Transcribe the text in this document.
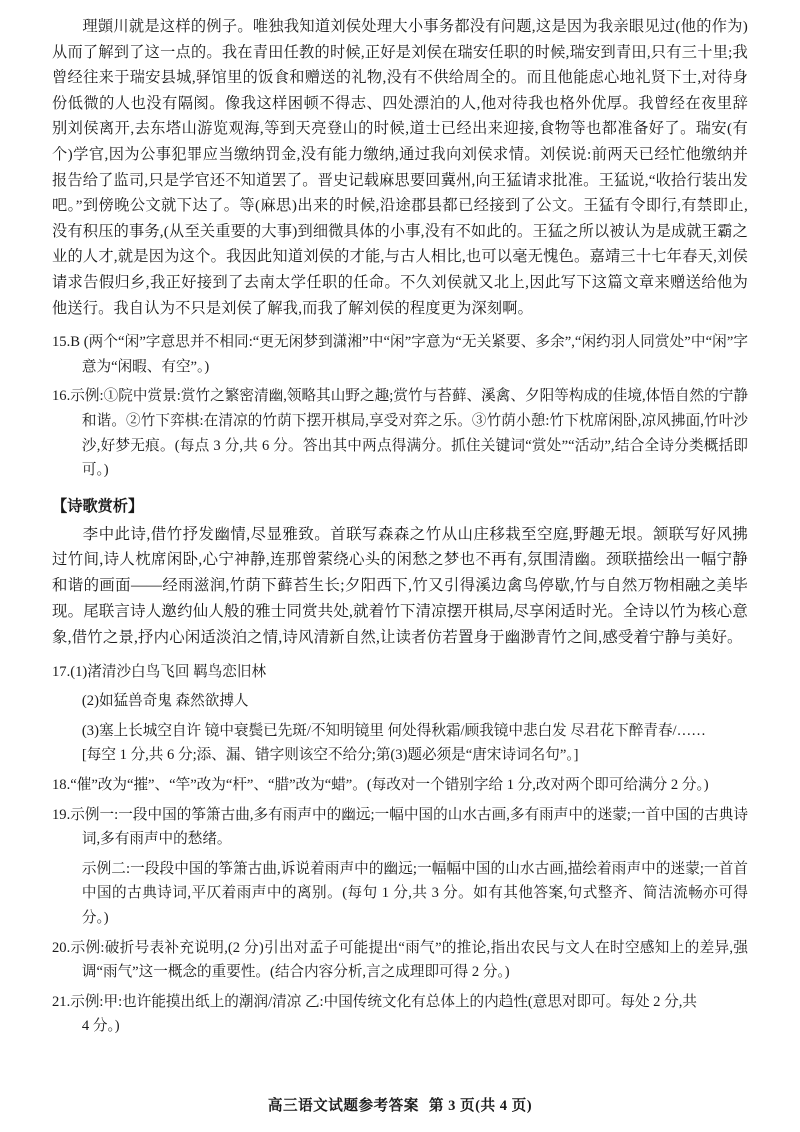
理顗川就是这样的例子。唯独我知道刘侯处理大小事务都没有问题,这是因为我亲眼见过(他的作为)从而了解到了这一点的。我在青田任教的时候,正好是刘侯在瑞安任职的时候,瑞安到青田,只有三十里;我曾经往来于瑞安县城,驿馆里的饭食和赠送的礼物,没有不供给周全的。而且他能虑心地礼贤下士,对待身份低微的人也没有隔阂。像我这样困顿不得志、四处漂泊的人,他对待我也格外优厚。我曾经在夜里辞别刘侯离开,去东塔山游览观海,等到天亮登山的时候,道士已经出来迎接,食物等也都准备好了。瑞安(有个)学官,因为公事犯罪应当缴纳罚金,没有能力缴纳,通过我向刘侯求情。刘侯说:前两天已经忙他缴纳并报告给了监司,只是学官还不知道罢了。晋史记载麻思要回冀州,向王猛请求批准。王猛说,“收拾行装出发吧。”到傍晚公文就下达了。等(麻思)出来的时候,沿途郡县都已经接到了公文。王猛有令即行,有禁即止,没有积压的事务,(从至关重要的大事)到细微具体的小事,没有不如此的。王猛之所以被认为是成就王霸之业的人才,就是因为这个。我因此知道刘侯的才能,与古人相比,也可以毫无愧色。嘉靖三十七年春天,刘侯请求告假归乡,我正好接到了去南太学任职的任命。不久刘侯就又北上,因此写下这篇文章来赠送给他为他送行。我自认为不只是刘侯了解我,而我了解刘侯的程度更为深刻啊。

15.B (两个“闲”字意思并不相同:“更无闲梦到潇湘”中“闲”字意为“无关紧要、多余”,“闲约羽人同赏处”中“闲”字意为“闲暇、有空”。)

16.示例:①院中赏景:赏竹之繁密清幽,领略其山野之趣;赏竹与苔藓、溪禽、夕阳等构成的佳境,体悟自然的宁静和谐。②竹下弈棋:在清凉的竹荫下摆开棋局,享受对弈之乐。③竹荫小憩:竹下枕席闲卧,凉风拂面,竹叶沙沙,好梦无痕。(每点 3 分,共 6 分。答出其中两点得满分。抓住关键词“赏处”“活动”,结合全诗分类概括即可。)

【诗歌赏析】

李中此诗,借竹抒发幽情,尽显雅致。首联写森森之竹从山庄移栽至空庭,野趣无垠。颔联写好风拂过竹间,诗人枕席闲卧,心宁神静,连那曾萦绕心头的闲愁之梦也不再有,氛围清幽。颈联描绘出一幅宁静和谐的画面——经雨滋润,竹荫下藓苔生长;夕阳西下,竹又引得溪边禽鸟停歇,竹与自然万物相融之美毕现。尾联言诗人邀约仙人般的雅士同赏共处,就着竹下清凉摆开棋局,尽享闲适时光。全诗以竹为核心意象,借竹之景,抒内心闲适淡泊之情,诗风清新自然,让读者仿若置身于幽渺青竹之间,感受着宁静与美好。

17.(1)渚清沙白鸟飞回 羁鸟恋旧林

(2)如猛兽奇鬼 森然欲搏人

(3)塞上长城空自许 镜中衰鬓已先斑/不知明镜里 何处得秋霜/顾我镜中悲白发 尽君花下醉青春/……

[每空 1 分,共 6 分;添、漏、错字则该空不给分;第(3)题必须是“唐宋诗词名句”。]

18.“催”改为“摧”、“竿”改为“杆”、“腊”改为“蜡”。(每改对一个错别字给 1 分,改对两个即可给满分 2 分。)

19.示例一:一段中国的筝箫古曲,多有雨声中的幽远;一幅中国的山水古画,多有雨声中的迷蒙;一首中国的古典诗词,多有雨声中的愁绪。

示例二:一段段中国的筝箫古曲,诉说着雨声中的幽远;一幅幅中国的山水古画,描绘着雨声中的迷蒙;一首首中国的古典诗词,平仄着雨声中的离别。(每句 1 分,共 3 分。如有其他答案,句式整齐、简洁流畅亦可得分。)

20.示例:破折号表补充说明,(2 分)引出对孟子可能提出“雨气”的推论,指出农民与文人在时空感知上的差异,强调“雨气”这一概念的重要性。(结合内容分析,言之成理即可得 2 分。)

21.示例:甲:也许能摸出纸上的潮润/清凉 乙:中国传统文化有总体上的内趋性(意思对即可。每处 2 分,共

4 分。)

高三语文试题参考答案 第 3 页(共 4 页)
